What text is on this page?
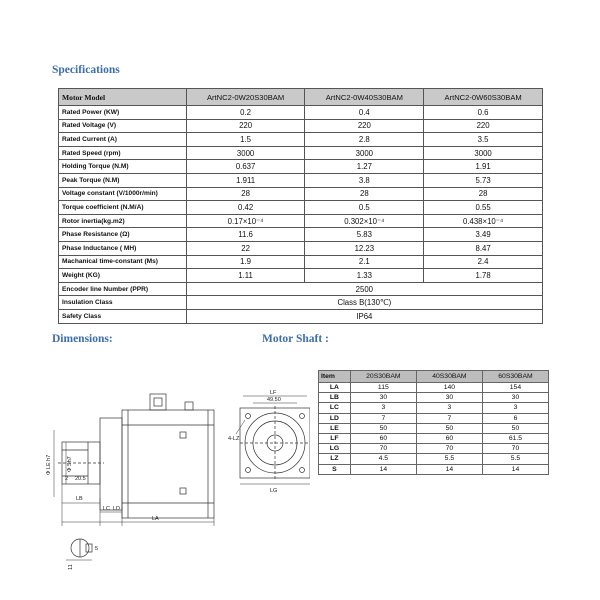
Specifications
Motor Model	ArtNC2-0W20S30BAM	ArtNC2-0W40S30BAM	ArtNC2-0W60S30BAM
Rated Power (KW)	0.2	0.4	0.6
Rated Voltage (V)	220	220	220
Rated Current (A)	1.5	2.8	3.5
Rated Speed (rpm)	3000	3000	3000
Holding Torque (N.M)	0.637	1.27	1.91
Peak Torque (N.M)	1.911	3.8	5.73
Voltage constant (V/1000r/min)	28	28	28
Torque coefficient (N.M/A)	0.42	0.5	0.55
Rotor inertia(kg.m2)	0.17×10⁻⁴	0.302×10⁻⁴	0.438×10⁻⁴
Phase Resistance (Ω)	11.6	5.83	3.49
Phase Inductance ( MH)	22	12.23	8.47
Machanical time-constant (Ms)	1.9	2.1	2.4
Weight (KG)	1.11	1.33	1.78
Encoder line Number (PPR)	2500		
Insulation Class	Class B(130℃)		
Safety Class	IP64		
Dimensions:	Motor Shaft :
Φ LE h7	Φ Sh7
20.5
2
LB
LC LD
LA
5
11
LF
49.50
LG
4-LZ
Item	20S30BAM	40S30BAM	60S30BAM
LA	115	140	154
LB	30	30	30
LC	3	3	3
LD	7	7	6
LE	50	50	50
LF	60	60	61.5
LG	70	70	70
LZ	4.5	5.5	5.5
S	14	14	14
